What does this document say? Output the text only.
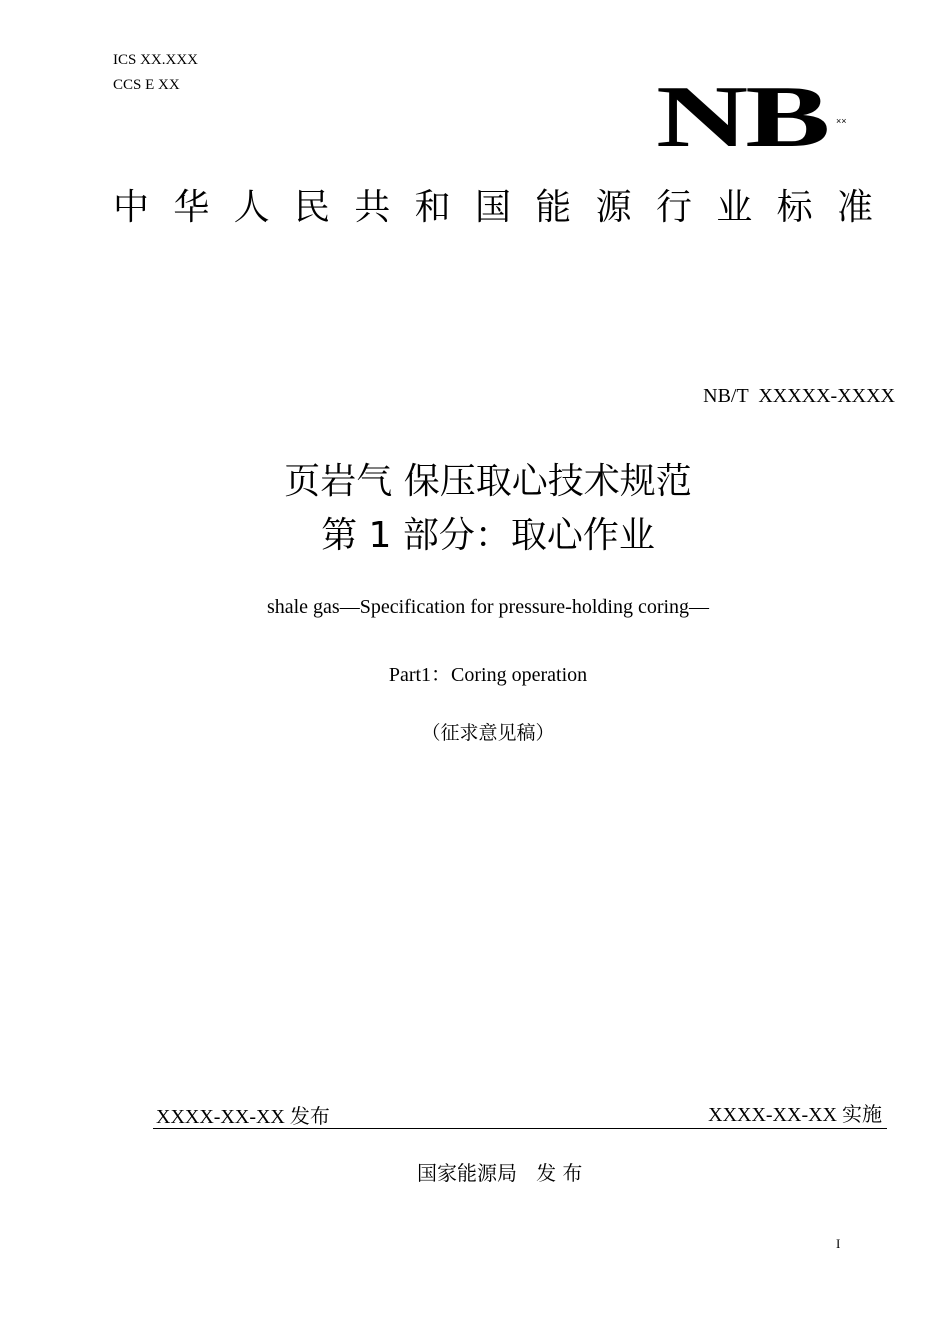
ICS XX.XXX
CCS E XX	NB ××
中 华 人 民 共 和 国 能 源 行 业 标 准
NB/T  XXXXX-XXXX
页岩气 保压取心技术规范
第 1 部分：取心作业
shale gas—Specification for pressure-holding coring—
Part1：Coring operation
（征求意见稿）
XXXX-XX-XX 发布	XXXX-XX-XX 实施
国家能源局   发 布
I
